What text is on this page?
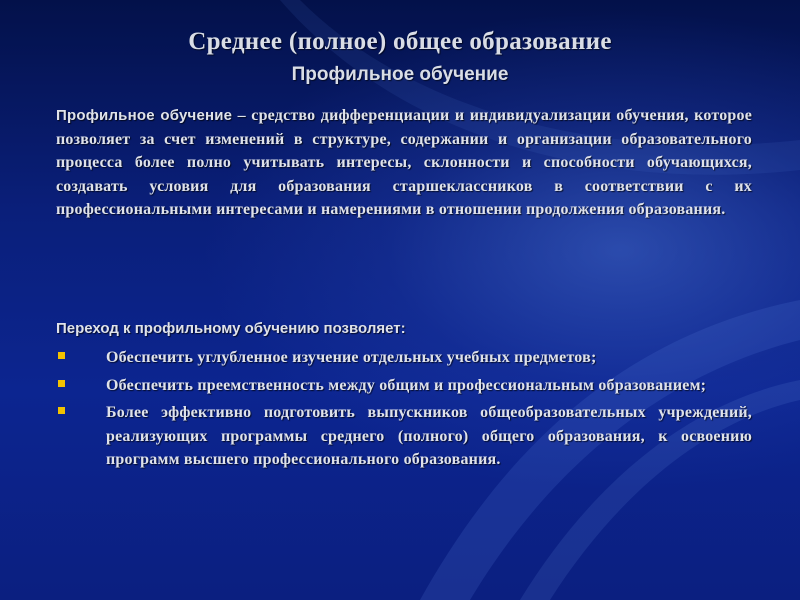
Среднее (полное) общее образование
Профильное обучение
Профильное обучение – средство дифференциации и индивидуализации обучения, которое позволяет за счет изменений в структуре, содержании и организации образовательного процесса более полно учитывать интересы, склонности и способности обучающихся, создавать условия для образования старшеклассников в соответствии с их профессиональными интересами и намерениями в отношении продолжения образования.
Переход к профильному обучению позволяет:
Обеспечить углубленное изучение отдельных учебных предметов;
Обеспечить преемственность между общим и профессиональным образованием;
Более эффективно подготовить выпускников общеобразовательных учреждений, реализующих программы среднего (полного) общего образования, к освоению программ высшего профессионального образования.
